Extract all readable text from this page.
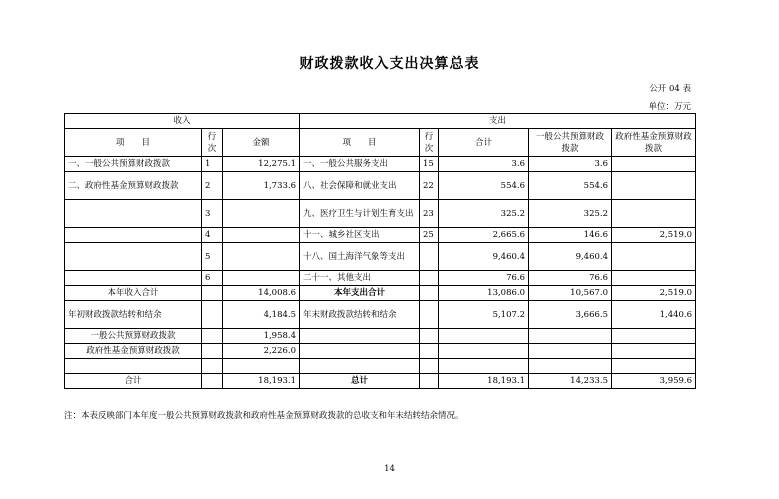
财政拨款收入支出决算总表
公开 04 表
单位：万元
收入			支出				
项　　目	行次	金额	项　　目	行次	合计	一般公共预算财政拨款	政府性基金预算财政拨款
一、一般公共预算财政拨款	1	12,275.1	一、一般公共服务支出	15	3.6	3.6	
二、政府性基金预算财政拨款	2	1,733.6	八、社会保障和就业支出	22	554.6	554.6	
	3		九、医疗卫生与计划生育支出	23	325.2	325.2	
	4		十一、城乡社区支出	25	2,665.6	146.6	2,519.0
	5		十八、国土海洋气象等支出		9,460.4	9,460.4	
	6		二十一、其他支出		76.6	76.6	
本年收入合计		14,008.6	本年支出合计		13,086.0	10,567.0	2,519.0
年初财政拨款结转和结余		4,184.5	年末财政拨款结转和结余		5,107.2	3,666.5	1,440.6
一般公共预算财政拨款		1,958.4					
政府性基金预算财政拨款		2,226.0					

合计		18,193.1	总计		18,193.1	14,233.5	3,959.6
注：本表反映部门本年度一般公共预算财政拨款和政府性基金预算财政拨款的总收支和年末结转结余情况。
14
